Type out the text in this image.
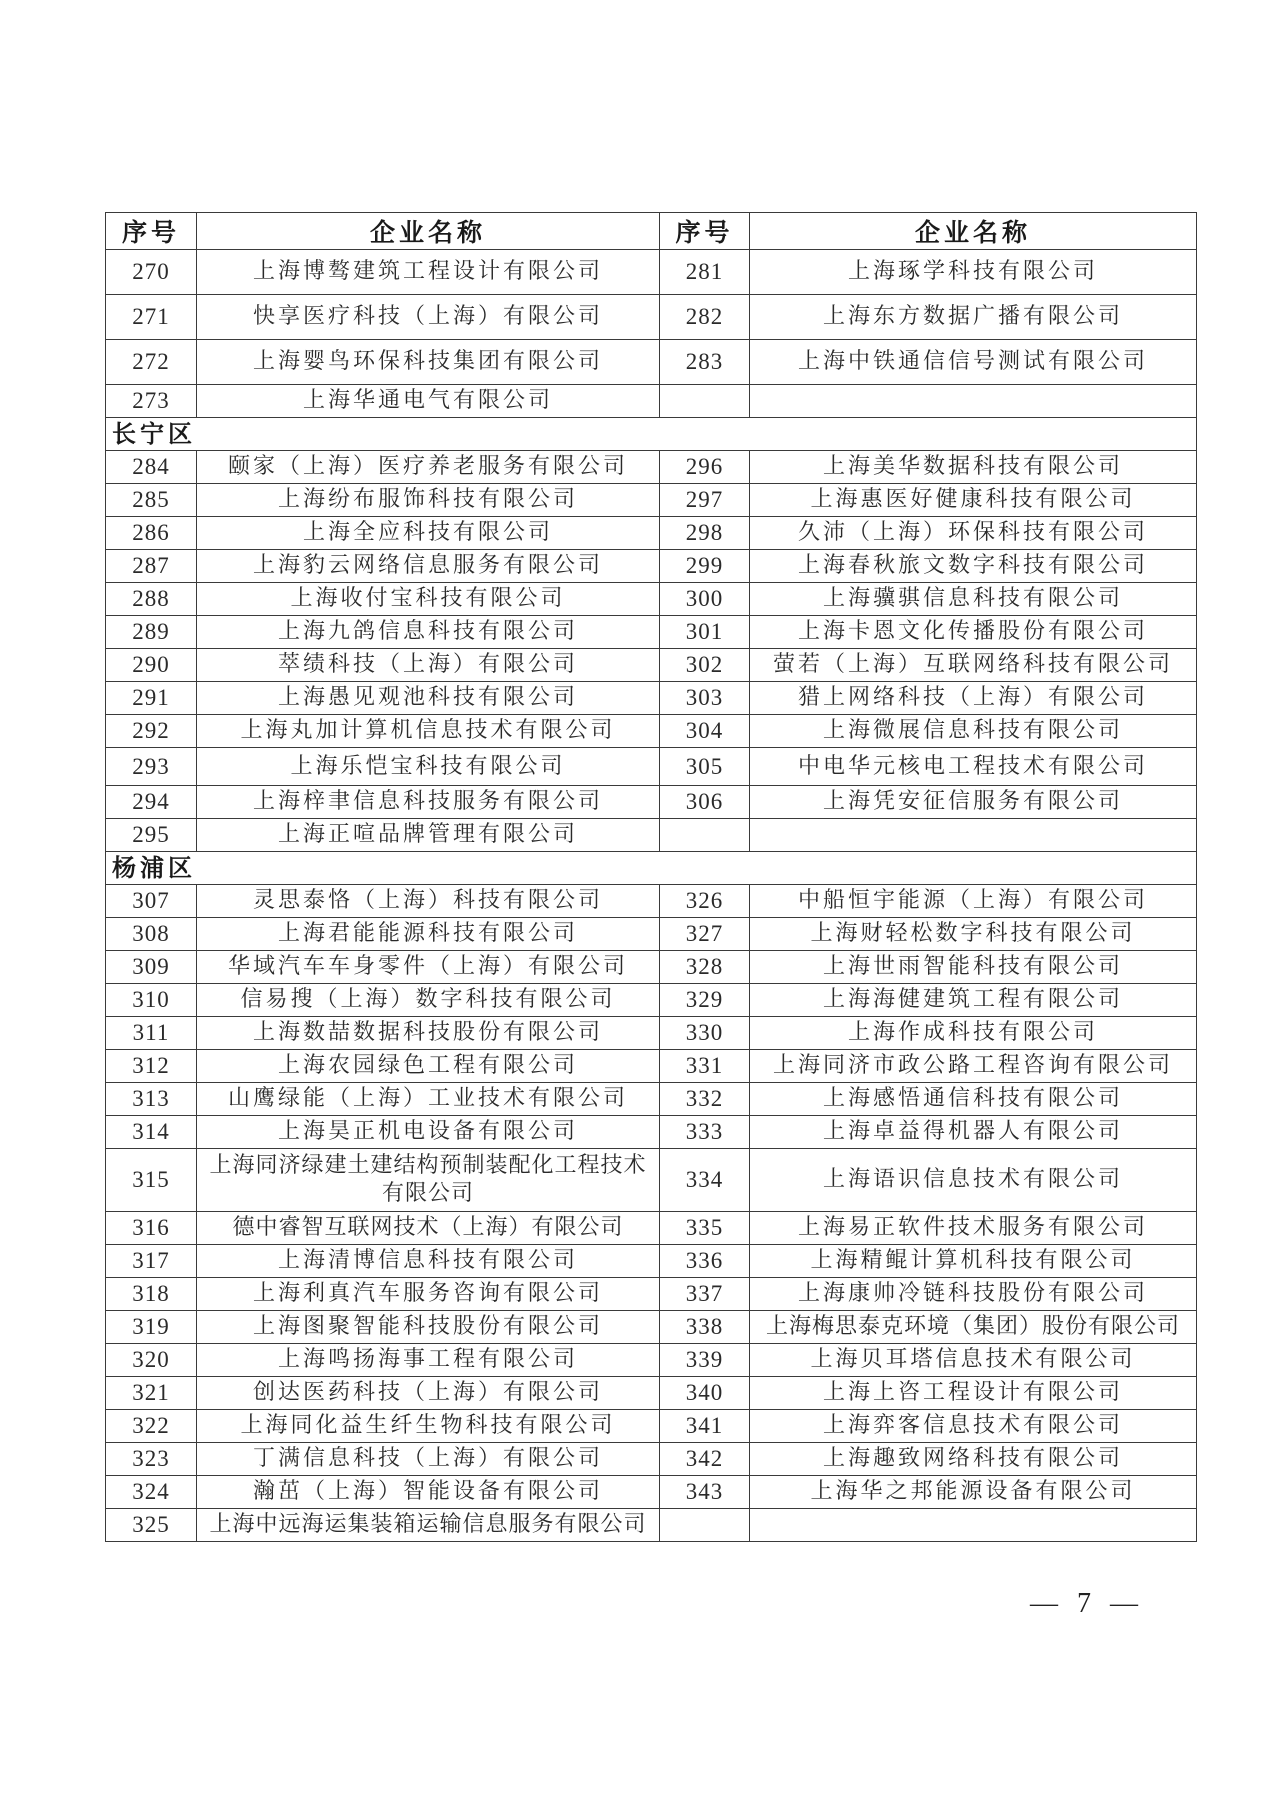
序号	企业名称	序号	企业名称
270	上海博骜建筑工程设计有限公司	281	上海琢学科技有限公司
271	快享医疗科技（上海）有限公司	282	上海东方数据广播有限公司
272	上海婴鸟环保科技集团有限公司	283	上海中铁通信信号测试有限公司
273	上海华通电气有限公司		
长宁区			
284	颐家（上海）医疗养老服务有限公司	296	上海美华数据科技有限公司
285	上海纷布服饰科技有限公司	297	上海惠医好健康科技有限公司
286	上海全应科技有限公司	298	久沛（上海）环保科技有限公司
287	上海豹云网络信息服务有限公司	299	上海春秋旅文数字科技有限公司
288	上海收付宝科技有限公司	300	上海骥骐信息科技有限公司
289	上海九鸽信息科技有限公司	301	上海卡恩文化传播股份有限公司
290	萃绩科技（上海）有限公司	302	萤若（上海）互联网络科技有限公司
291	上海愚见观池科技有限公司	303	猎上网络科技（上海）有限公司
292	上海丸加计算机信息技术有限公司	304	上海微展信息科技有限公司
293	上海乐恺宝科技有限公司	305	中电华元核电工程技术有限公司
294	上海梓聿信息科技服务有限公司	306	上海凭安征信服务有限公司
295	上海正喧品牌管理有限公司		
杨浦区			
307	灵思泰恪（上海）科技有限公司	326	中船恒宇能源（上海）有限公司
308	上海君能能源科技有限公司	327	上海财轻松数字科技有限公司
309	华域汽车车身零件（上海）有限公司	328	上海世雨智能科技有限公司
310	信易搜（上海）数字科技有限公司	329	上海海健建筑工程有限公司
311	上海数喆数据科技股份有限公司	330	上海作成科技有限公司
312	上海农园绿色工程有限公司	331	上海同济市政公路工程咨询有限公司
313	山鹰绿能（上海）工业技术有限公司	332	上海感悟通信科技有限公司
314	上海昊正机电设备有限公司	333	上海卓益得机器人有限公司
315	上海同济绿建土建结构预制装配化工程技术有限公司	334	上海语识信息技术有限公司
316	德中睿智互联网技术（上海）有限公司	335	上海易正软件技术服务有限公司
317	上海清博信息科技有限公司	336	上海精鲲计算机科技有限公司
318	上海利真汽车服务咨询有限公司	337	上海康帅冷链科技股份有限公司
319	上海图聚智能科技股份有限公司	338	上海梅思泰克环境（集团）股份有限公司
320	上海鸣扬海事工程有限公司	339	上海贝耳塔信息技术有限公司
321	创达医药科技（上海）有限公司	340	上海上咨工程设计有限公司
322	上海同化益生纤生物科技有限公司	341	上海弈客信息技术有限公司
323	丁满信息科技（上海）有限公司	342	上海趣致网络科技有限公司
324	瀚茁（上海）智能设备有限公司	343	上海华之邦能源设备有限公司
325	上海中远海运集装箱运输信息服务有限公司		
— 7 —
